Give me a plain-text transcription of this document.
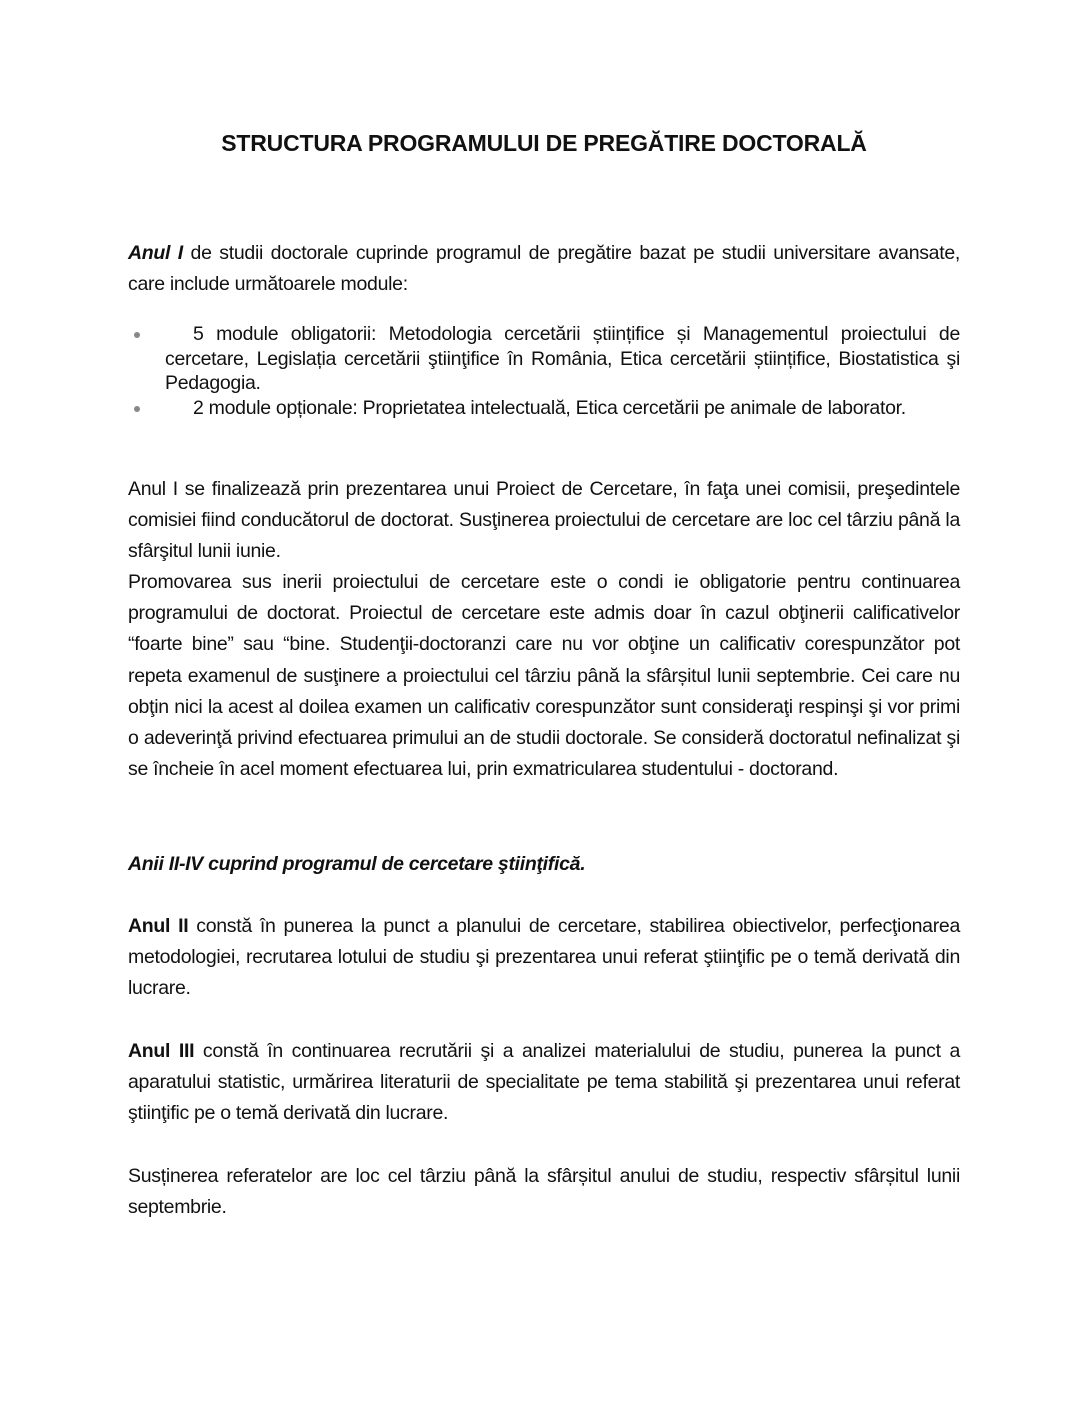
STRUCTURA PROGRAMULUI DE PREGĂTIRE DOCTORALĂ
Anul I de studii doctorale cuprinde programul de pregătire bazat pe studii universitare avansate, care include următoarele module:
5 module obligatorii: Metodologia cercetării științifice și Managementul proiectului de cercetare, Legislația cercetării ştiinţifice în România, Etica cercetării științifice, Biostatistica şi Pedagogia.
2 module opționale: Proprietatea intelectuală, Etica cercetării pe animale de laborator.
Anul I se finalizează prin prezentarea unui Proiect de Cercetare, în faţa unei comisii, preşedintele comisiei fiind conducătorul de doctorat. Susţinerea proiectului de cercetare are loc cel târziu până la sfârşitul lunii iunie.
Promovarea sus inerii proiectului de cercetare este o condi ie obligatorie pentru continuarea programului de doctorat. Proiectul de cercetare este admis doar în cazul obţinerii calificativelor “foarte bine” sau “bine. Studenţii-doctoranzi care nu vor obţine un calificativ corespunzător pot repeta examenul de susţinere a proiectului cel târziu până la sfârșitul lunii septembrie. Cei care nu obţin nici la acest al doilea examen un calificativ corespunzător sunt consideraţi respinşi şi vor primi o adeverinţă privind efectuarea primului an de studii doctorale. Se consideră doctoratul nefinalizat şi se încheie în acel moment efectuarea lui, prin exmatricularea studentului - doctorand.
Anii II-IV cuprind programul de cercetare ştiinţifică.
Anul II constă în punerea la punct a planului de cercetare, stabilirea obiectivelor, perfecţionarea metodologiei, recrutarea lotului de studiu şi prezentarea unui referat ştiinţific pe o temă derivată din lucrare.
Anul III constă în continuarea recrutării şi a analizei materialului de studiu, punerea la punct a aparatului statistic, urmărirea literaturii de specialitate pe tema stabilită şi prezentarea unui referat ştiinţific pe o temă derivată din lucrare.
Susținerea referatelor are loc cel târziu până la sfârșitul anului de studiu, respectiv sfârșitul lunii septembrie.
